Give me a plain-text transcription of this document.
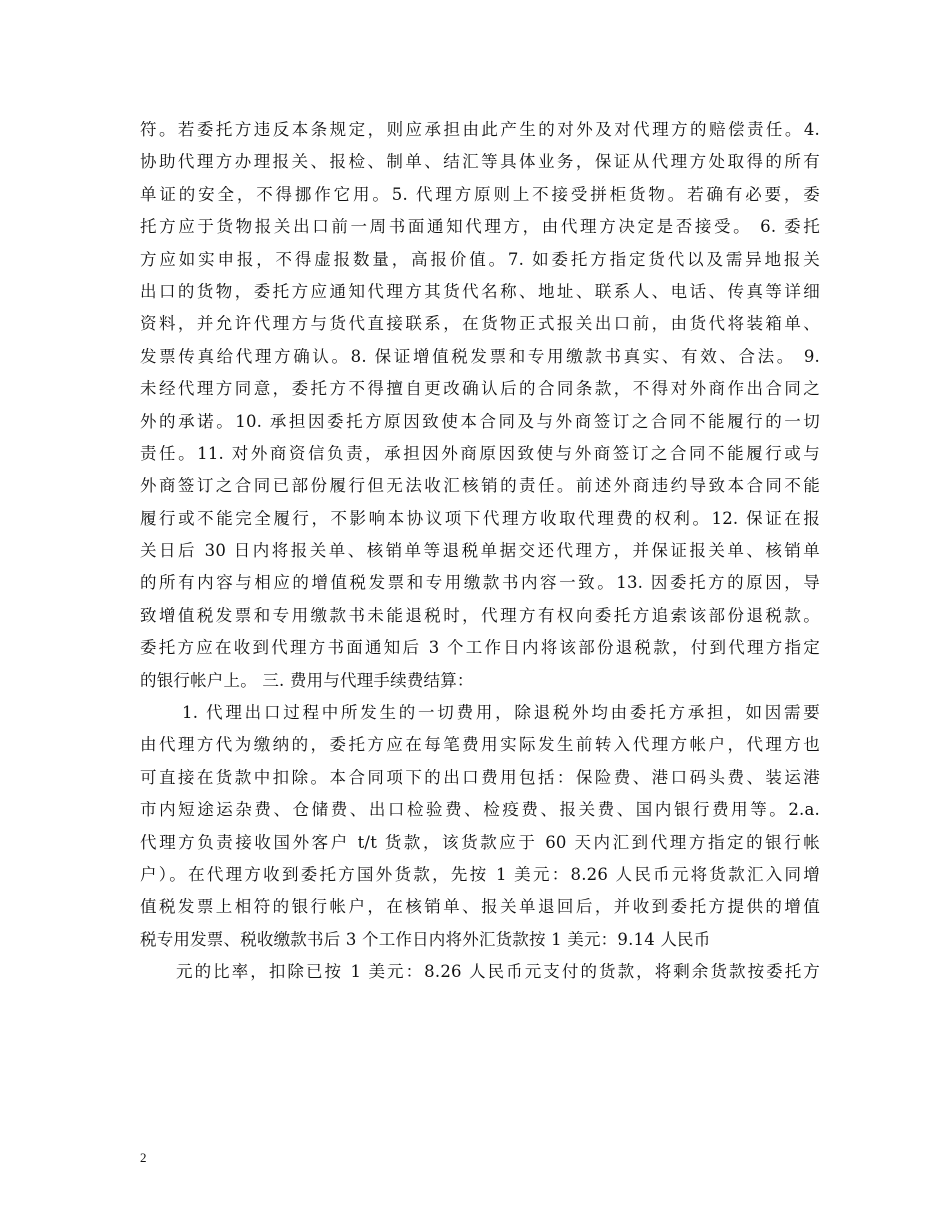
符。若委托方违反本条规定，则应承担由此产生的对外及对代理方的赔偿责任。4.
协助代理方办理报关、报检、制单、结汇等具体业务，保证从代理方处取得的所有
单证的安全，不得挪作它用。5. 代理方原则上不接受拼柜货物。若确有必要，委
托方应于货物报关出口前一周书面通知代理方，由代理方决定是否接受。 6. 委托
方应如实申报，不得虚报数量，高报价值。7. 如委托方指定货代以及需异地报关
出口的货物，委托方应通知代理方其货代名称、地址、联系人、电话、传真等详细
资料，并允许代理方与货代直接联系，在货物正式报关出口前，由货代将装箱单、
发票传真给代理方确认。8. 保证增值税发票和专用缴款书真实、有效、合法。 9.
未经代理方同意，委托方不得擅自更改确认后的合同条款，不得对外商作出合同之
外的承诺。10. 承担因委托方原因致使本合同及与外商签订之合同不能履行的一切
责任。11. 对外商资信负责，承担因外商原因致使与外商签订之合同不能履行或与
外商签订之合同已部份履行但无法收汇核销的责任。前述外商违约导致本合同不能
履行或不能完全履行，不影响本协议项下代理方收取代理费的权利。12. 保证在报
关日后 30 日内将报关单、核销单等退税单据交还代理方，并保证报关单、核销单
的所有内容与相应的增值税发票和专用缴款书内容一致。13. 因委托方的原因，导
致增值税发票和专用缴款书未能退税时，代理方有权向委托方追索该部份退税款。
委托方应在收到代理方书面通知后 3 个工作日内将该部份退税款，付到代理方指定
的银行帐户上。 三. 费用与代理手续费结算：
1. 代理出口过程中所发生的一切费用，除退税外均由委托方承担，如因需要
由代理方代为缴纳的，委托方应在每笔费用实际发生前转入代理方帐户，代理方也
可直接在货款中扣除。本合同项下的出口费用包括：保险费、港口码头费、装运港
市内短途运杂费、仓储费、出口检验费、检疫费、报关费、国内银行费用等。2.a.
代理方负责接收国外客户 t/t 货款，该货款应于 60 天内汇到代理方指定的银行帐
户）。在代理方收到委托方国外货款，先按 1 美元：8.26 人民币元将货款汇入同增
值税发票上相符的银行帐户，在核销单、报关单退回后，并收到委托方提供的增值
税专用发票、税收缴款书后 3 个工作日内将外汇货款按 1 美元：9.14 人民币
元的比率，扣除已按 1 美元：8.26 人民币元支付的货款，将剩余货款按委托方
2
